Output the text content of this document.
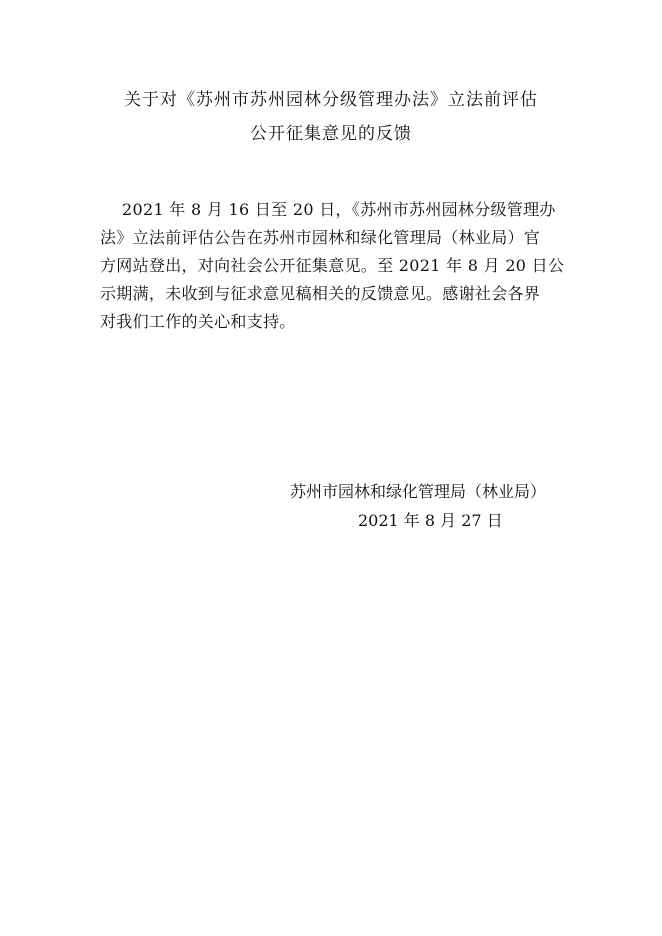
关于对《苏州市苏州园林分级管理办法》立法前评估
公开征集意见的反馈

2021 年 8 月 16 日至 20 日，《苏州市苏州园林分级管理办
法》立法前评估公告在苏州市园林和绿化管理局（林业局）官
方网站登出，对向社会公开征集意见。至 2021 年 8 月 20 日公
示期满，未收到与征求意见稿相关的反馈意见。感谢社会各界
对我们工作的关心和支持。

苏州市园林和绿化管理局（林业局）
2021 年 8 月 27 日
